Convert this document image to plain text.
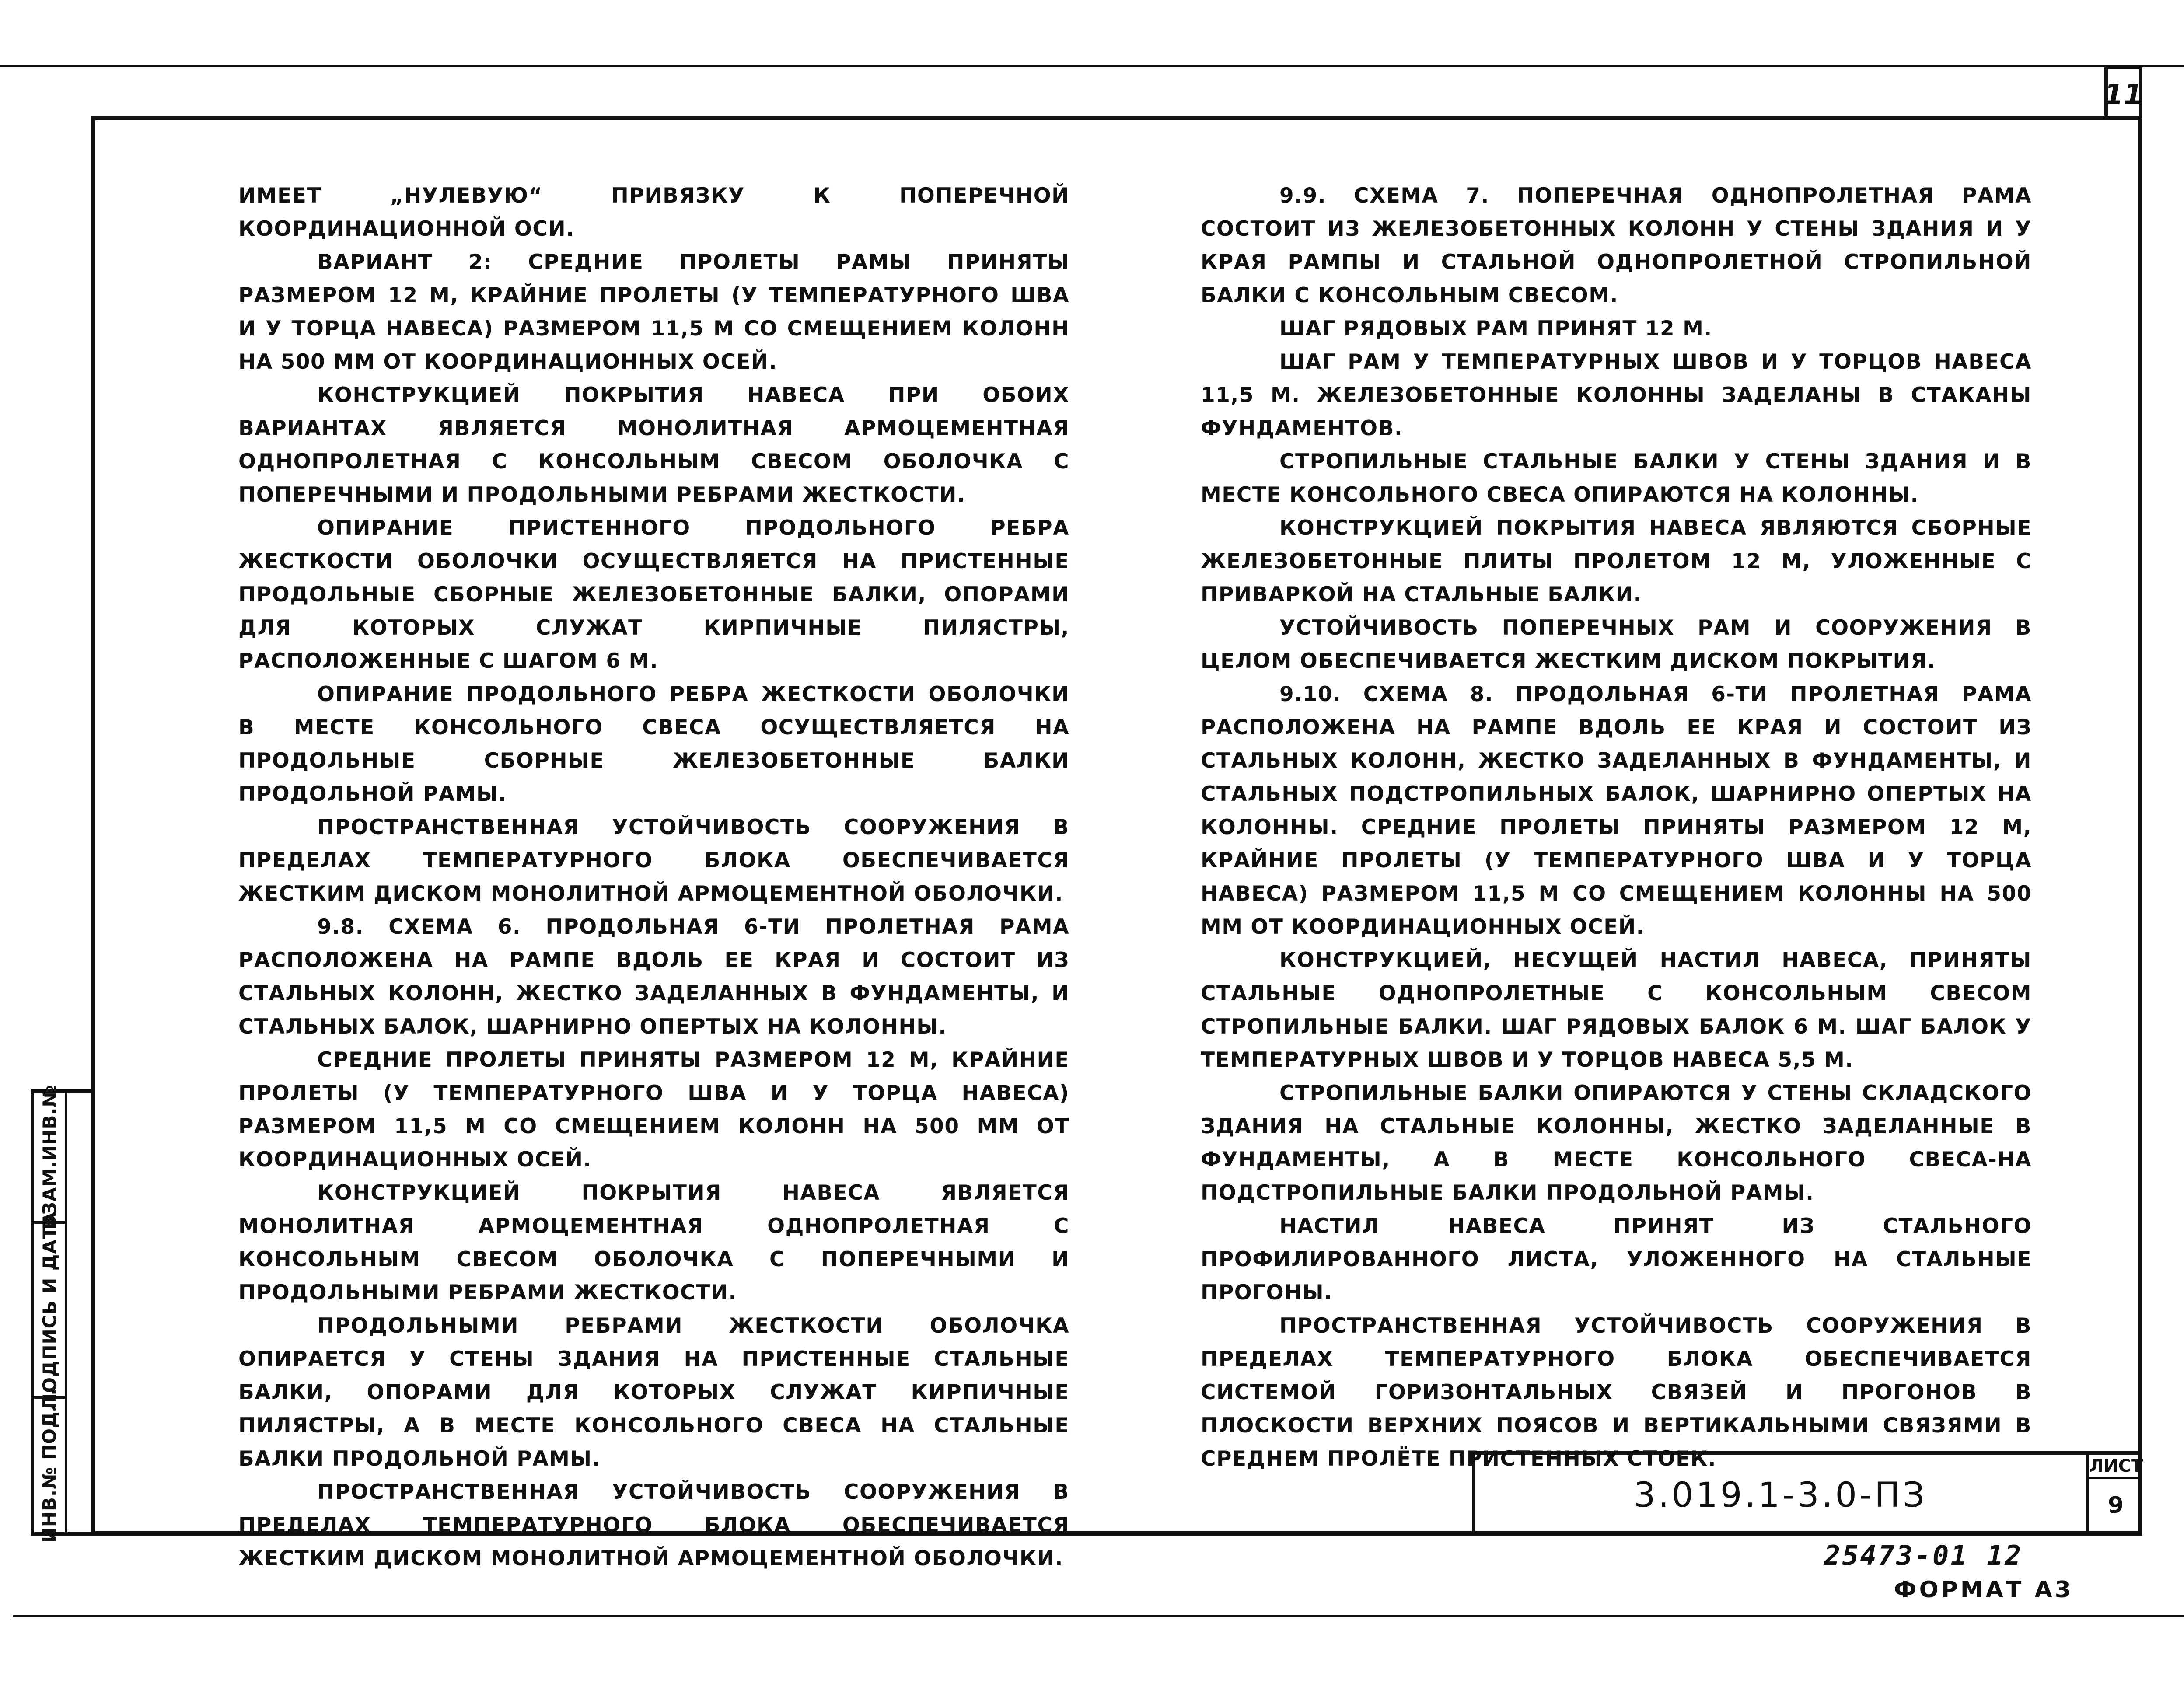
11
ВЗАМ.ИНВ.№
ПОДПИСЬ И ДАТА
ИНВ.№ ПОДЛ.

ИМЕЕТ „НУЛЕВУЮ“ ПРИВЯЗКУ К ПОПЕРЕЧНОЙ КООРДИНАЦИОННОЙ ОСИ.

ВАРИАНТ 2: СРЕДНИЕ ПРОЛЕТЫ РАМЫ ПРИНЯТЫ РАЗМЕРОМ 12 М, КРАЙНИЕ ПРОЛЕТЫ (У ТЕМПЕРАТУРНОГО ШВА И У ТОРЦА НАВЕСА) РАЗМЕРОМ 11,5 М СО СМЕЩЕНИЕМ КОЛОНН НА 500 ММ ОТ КООРДИНАЦИОННЫХ ОСЕЙ.

КОНСТРУКЦИЕЙ ПОКРЫТИЯ НАВЕСА ПРИ ОБОИХ ВАРИАНТАХ ЯВЛЯЕТСЯ МОНОЛИТНАЯ АРМОЦЕМЕНТНАЯ ОДНОПРОЛЕТНАЯ С КОНСОЛЬНЫМ СВЕСОМ ОБОЛОЧКА С ПОПЕРЕЧНЫМИ И ПРОДОЛЬНЫМИ РЕБРАМИ ЖЕСТКОСТИ.

ОПИРАНИЕ ПРИСТЕННОГО ПРОДОЛЬНОГО РЕБРА ЖЕСТКОСТИ ОБОЛОЧКИ ОСУЩЕСТВЛЯЕТСЯ НА ПРИСТЕННЫЕ ПРОДОЛЬНЫЕ СБОРНЫЕ ЖЕЛЕЗОБЕТОННЫЕ БАЛКИ, ОПОРАМИ ДЛЯ КОТОРЫХ СЛУЖАТ КИРПИЧНЫЕ ПИЛЯСТРЫ, РАСПОЛОЖЕННЫЕ С ШАГОМ 6 М.

ОПИРАНИЕ ПРОДОЛЬНОГО РЕБРА ЖЕСТКОСТИ ОБОЛОЧКИ В МЕСТЕ КОНСОЛЬНОГО СВЕСА ОСУЩЕСТВЛЯЕТСЯ НА ПРОДОЛЬНЫЕ СБОРНЫЕ ЖЕЛЕЗОБЕТОННЫЕ БАЛКИ ПРОДОЛЬНОЙ РАМЫ.

ПРОСТРАНСТВЕННАЯ УСТОЙЧИВОСТЬ СООРУЖЕНИЯ В ПРЕДЕЛАХ ТЕМПЕРАТУРНОГО БЛОКА ОБЕСПЕЧИВАЕТСЯ ЖЕСТКИМ ДИСКОМ МОНОЛИТНОЙ АРМОЦЕМЕНТНОЙ ОБОЛОЧКИ.

9.8. СХЕМА 6. ПРОДОЛЬНАЯ 6-ТИ ПРОЛЕТНАЯ РАМА РАСПОЛОЖЕНА НА РАМПЕ ВДОЛЬ ЕЕ КРАЯ И СОСТОИТ ИЗ СТАЛЬНЫХ КОЛОНН, ЖЕСТКО ЗАДЕЛАННЫХ В ФУНДАМЕНТЫ, И СТАЛЬНЫХ БАЛОК, ШАРНИРНО ОПЕРТЫХ НА КОЛОННЫ.

СРЕДНИЕ ПРОЛЕТЫ ПРИНЯТЫ РАЗМЕРОМ 12 М, КРАЙНИЕ ПРОЛЕТЫ (У ТЕМПЕРАТУРНОГО ШВА И У ТОРЦА НАВЕСА) РАЗМЕРОМ 11,5 М СО СМЕЩЕНИЕМ КОЛОНН НА 500 ММ ОТ КООРДИНАЦИОННЫХ ОСЕЙ.

КОНСТРУКЦИЕЙ ПОКРЫТИЯ НАВЕСА ЯВЛЯЕТСЯ МОНОЛИТНАЯ АРМОЦЕМЕНТНАЯ ОДНОПРОЛЕТНАЯ С КОНСОЛЬНЫМ СВЕСОМ ОБОЛОЧКА С ПОПЕРЕЧНЫМИ И ПРОДОЛЬНЫМИ РЕБРАМИ ЖЕСТКОСТИ.

ПРОДОЛЬНЫМИ РЕБРАМИ ЖЕСТКОСТИ ОБОЛОЧКА ОПИРАЕТСЯ У СТЕНЫ ЗДАНИЯ НА ПРИСТЕННЫЕ СТАЛЬНЫЕ БАЛКИ, ОПОРАМИ ДЛЯ КОТОРЫХ СЛУЖАТ КИРПИЧНЫЕ ПИЛЯСТРЫ, А В МЕСТЕ КОНСОЛЬНОГО СВЕСА НА СТАЛЬНЫЕ БАЛКИ ПРОДОЛЬНОЙ РАМЫ.

ПРОСТРАНСТВЕННАЯ УСТОЙЧИВОСТЬ СООРУЖЕНИЯ В ПРЕДЕЛАХ ТЕМПЕРАТУРНОГО БЛОКА ОБЕСПЕЧИВАЕТСЯ ЖЕСТКИМ ДИСКОМ МОНОЛИТНОЙ АРМОЦЕМЕНТНОЙ ОБОЛОЧКИ.

9.9. СХЕМА 7. ПОПЕРЕЧНАЯ ОДНОПРОЛЕТНАЯ РАМА СОСТОИТ ИЗ ЖЕЛЕЗОБЕТОННЫХ КОЛОНН У СТЕНЫ ЗДАНИЯ И У КРАЯ РАМПЫ И СТАЛЬНОЙ ОДНОПРОЛЕТНОЙ СТРОПИЛЬНОЙ БАЛКИ С КОНСОЛЬНЫМ СВЕСОМ.

ШАГ РЯДОВЫХ РАМ ПРИНЯТ 12 М.

ШАГ РАМ У ТЕМПЕРАТУРНЫХ ШВОВ И У ТОРЦОВ НАВЕСА 11,5 М. ЖЕЛЕЗОБЕТОННЫЕ КОЛОННЫ ЗАДЕЛАНЫ В СТАКАНЫ ФУНДАМЕНТОВ.

СТРОПИЛЬНЫЕ СТАЛЬНЫЕ БАЛКИ У СТЕНЫ ЗДАНИЯ И В МЕСТЕ КОНСОЛЬНОГО СВЕСА ОПИРАЮТСЯ НА КОЛОННЫ.

КОНСТРУКЦИЕЙ ПОКРЫТИЯ НАВЕСА ЯВЛЯЮТСЯ СБОРНЫЕ ЖЕЛЕЗОБЕТОННЫЕ ПЛИТЫ ПРОЛЕТОМ 12 М, УЛОЖЕННЫЕ С ПРИВАРКОЙ НА СТАЛЬНЫЕ БАЛКИ.

УСТОЙЧИВОСТЬ ПОПЕРЕЧНЫХ РАМ И СООРУЖЕНИЯ В ЦЕЛОМ ОБЕСПЕЧИВАЕТСЯ ЖЕСТКИМ ДИСКОМ ПОКРЫТИЯ.

9.10. СХЕМА 8. ПРОДОЛЬНАЯ 6-ТИ ПРОЛЕТНАЯ РАМА РАСПОЛОЖЕНА НА РАМПЕ ВДОЛЬ ЕЕ КРАЯ И СОСТОИТ ИЗ СТАЛЬНЫХ КОЛОНН, ЖЕСТКО ЗАДЕЛАННЫХ В ФУНДАМЕНТЫ, И СТАЛЬНЫХ ПОДСТРОПИЛЬНЫХ БАЛОК, ШАРНИРНО ОПЕРТЫХ НА КОЛОННЫ. СРЕДНИЕ ПРОЛЕТЫ ПРИНЯТЫ РАЗМЕРОМ 12 М, КРАЙНИЕ ПРОЛЕТЫ (У ТЕМПЕРАТУРНОГО ШВА И У ТОРЦА НАВЕСА) РАЗМЕРОМ 11,5 М СО СМЕЩЕНИЕМ КОЛОННЫ НА 500 ММ ОТ КООРДИНАЦИОННЫХ ОСЕЙ.

КОНСТРУКЦИЕЙ, НЕСУЩЕЙ НАСТИЛ НАВЕСА, ПРИНЯТЫ СТАЛЬНЫЕ ОДНОПРОЛЕТНЫЕ С КОНСОЛЬНЫМ СВЕСОМ СТРОПИЛЬНЫЕ БАЛКИ. ШАГ РЯДОВЫХ БАЛОК 6 М. ШАГ БАЛОК У ТЕМПЕРАТУРНЫХ ШВОВ И У ТОРЦОВ НАВЕСА 5,5 М.

СТРОПИЛЬНЫЕ БАЛКИ ОПИРАЮТСЯ У СТЕНЫ СКЛАДСКОГО ЗДАНИЯ НА СТАЛЬНЫЕ КОЛОННЫ, ЖЕСТКО ЗАДЕЛАННЫЕ В ФУНДАМЕНТЫ, А В МЕСТЕ КОНСОЛЬНОГО СВЕСА-НА ПОДСТРОПИЛЬНЫЕ БАЛКИ ПРОДОЛЬНОЙ РАМЫ.

НАСТИЛ НАВЕСА ПРИНЯТ ИЗ СТАЛЬНОГО ПРОФИЛИРОВАННОГО ЛИСТА, УЛОЖЕННОГО НА СТАЛЬНЫЕ ПРОГОНЫ.

ПРОСТРАНСТВЕННАЯ УСТОЙЧИВОСТЬ СООРУЖЕНИЯ В ПРЕДЕЛАХ ТЕМПЕРАТУРНОГО БЛОКА ОБЕСПЕЧИВАЕТСЯ СИСТЕМОЙ ГОРИЗОНТАЛЬНЫХ СВЯЗЕЙ И ПРОГОНОВ В ПЛОСКОСТИ ВЕРХНИХ ПОЯСОВ И ВЕРТИКАЛЬНЫМИ СВЯЗЯМИ В СРЕДНЕМ ПРОЛЁТЕ ПРИСТЕННЫХ СТОЕК.

3.019.1-3.0-ПЗ
ЛИСТ
9
25473-01 12
ФОРМАТ А3
